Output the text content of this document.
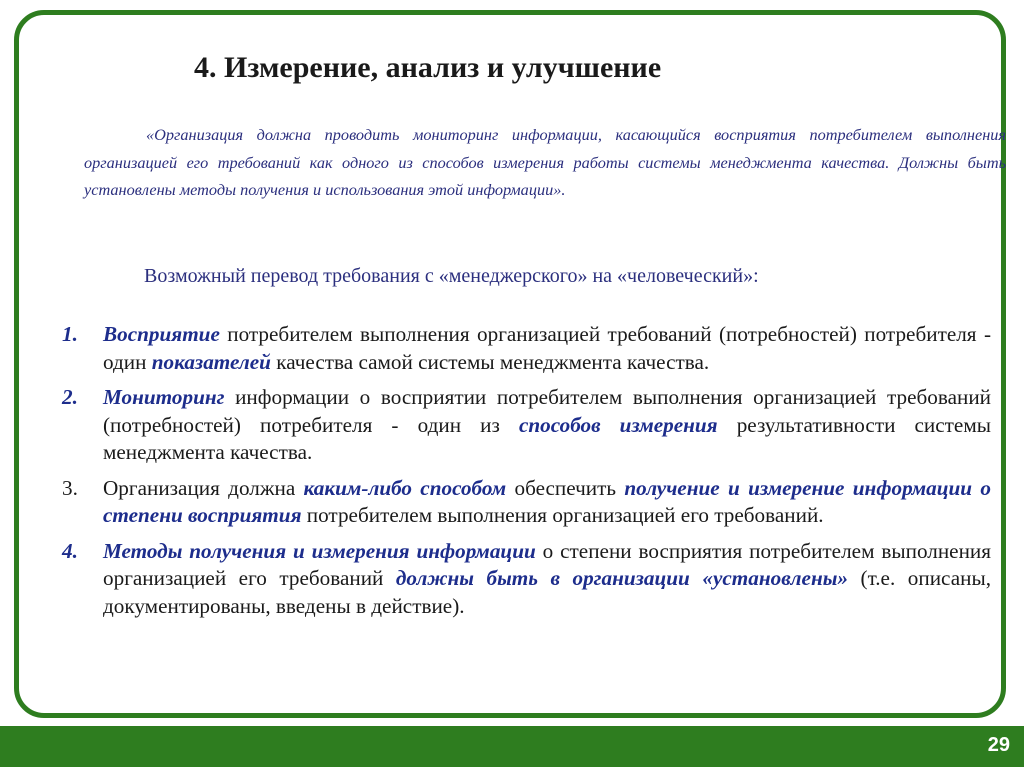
4. Измерение, анализ и улучшение

«Организация должна проводить мониторинг информации, касающийся восприятия потребителем выполнения организацией его требований как одного из способов измерения работы системы менеджмента качества. Должны быть установлены методы получения и использования этой информации».

Возможный перевод требования с «менеджерского» на «человеческий»:

1. Восприятие потребителем выполнения организацией требований (потребностей) потребителя - один показателей качества самой системы менеджмента качества.
2. Мониторинг информации о восприятии потребителем выполнения организацией требований (потребностей) потребителя - один из способов измерения результативности системы менеджмента качества.
3. Организация должна каким-либо способом обеспечить получение и измерение информации о степени восприятия потребителем выполнения организацией его требований.
4. Методы получения и измерения информации о степени восприятия потребителем выполнения организацией его требований должны быть в организации «установлены» (т.е. описаны, документированы, введены в действие).
29
